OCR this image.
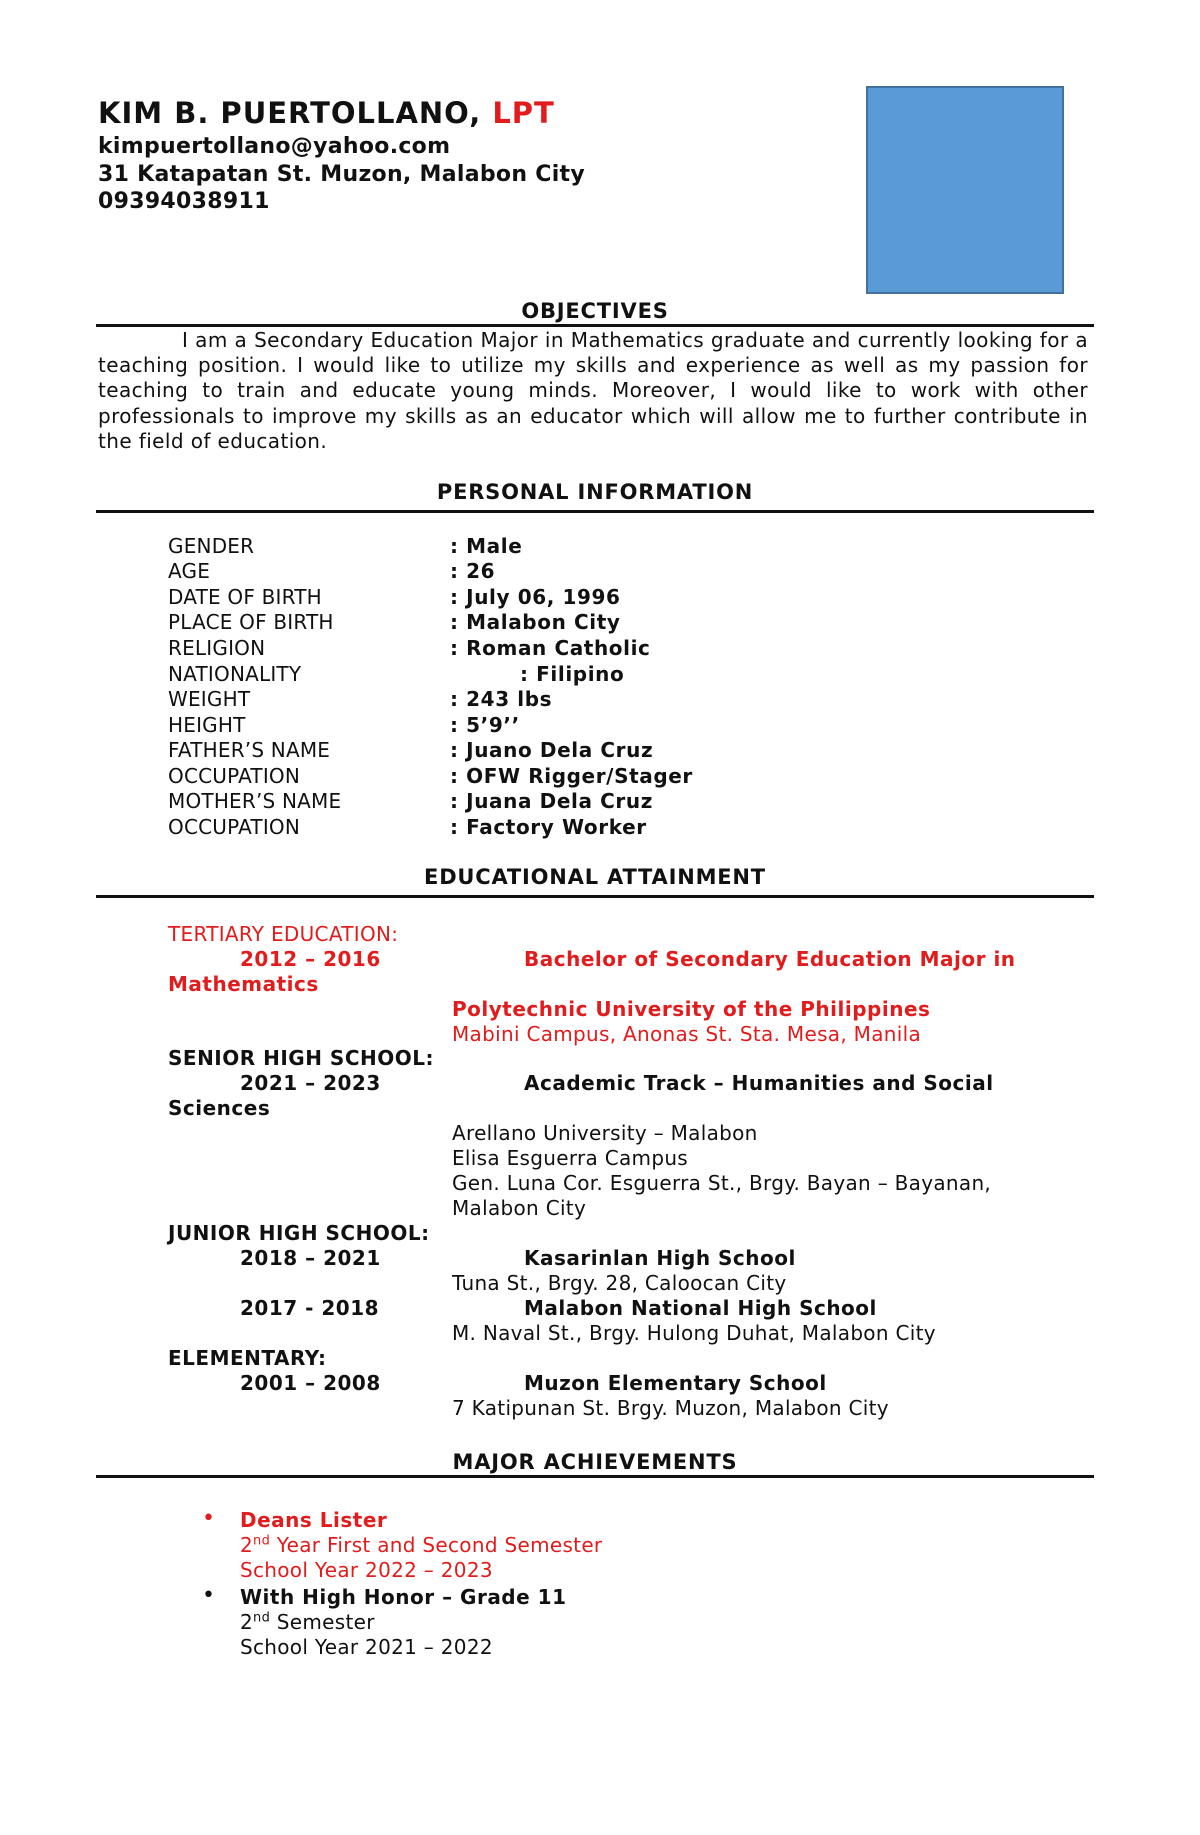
KIM B. PUERTOLLANO, LPT
kimpuertollano@yahoo.com
31 Katapatan St. Muzon, Malabon City
09394038911
OBJECTIVES
I am a Secondary Education Major in Mathematics graduate and currently looking for a teaching position. I would like to utilize my skills and experience as well as my passion for teaching to train and educate young minds. Moreover, I would like to work with other professionals to improve my skills as an educator which will allow me to further contribute in the field of education.
PERSONAL INFORMATION
GENDER	: Male
AGE	: 26
DATE OF BIRTH	: July 06, 1996
PLACE OF BIRTH	: Malabon City
RELIGION	: Roman Catholic
NATIONALITY	: Filipino
WEIGHT	: 243 lbs
HEIGHT	: 5’9’’
FATHER’S NAME	: Juano Dela Cruz
OCCUPATION	: OFW Rigger/Stager
MOTHER’S NAME	: Juana Dela Cruz
OCCUPATION	: Factory Worker
EDUCATIONAL ATTAINMENT
TERTIARY EDUCATION:
2012 – 2016	Bachelor of Secondary Education Major in
Mathematics
Polytechnic University of the Philippines
Mabini Campus, Anonas St. Sta. Mesa, Manila
SENIOR HIGH SCHOOL:
2021 – 2023	Academic Track – Humanities and Social
Sciences
Arellano University – Malabon
Elisa Esguerra Campus
Gen. Luna Cor. Esguerra St., Brgy. Bayan – Bayanan,
Malabon City
JUNIOR HIGH SCHOOL:
2018 – 2021	Kasarinlan High School
Tuna St., Brgy. 28, Caloocan City
2017 - 2018	Malabon National High School
M. Naval St., Brgy. Hulong Duhat, Malabon City
ELEMENTARY:
2001 – 2008	Muzon Elementary School
7 Katipunan St. Brgy. Muzon, Malabon City
MAJOR ACHIEVEMENTS
• Deans Lister
2nd Year First and Second Semester
School Year 2022 – 2023
• With High Honor – Grade 11
2nd Semester
School Year 2021 – 2022
